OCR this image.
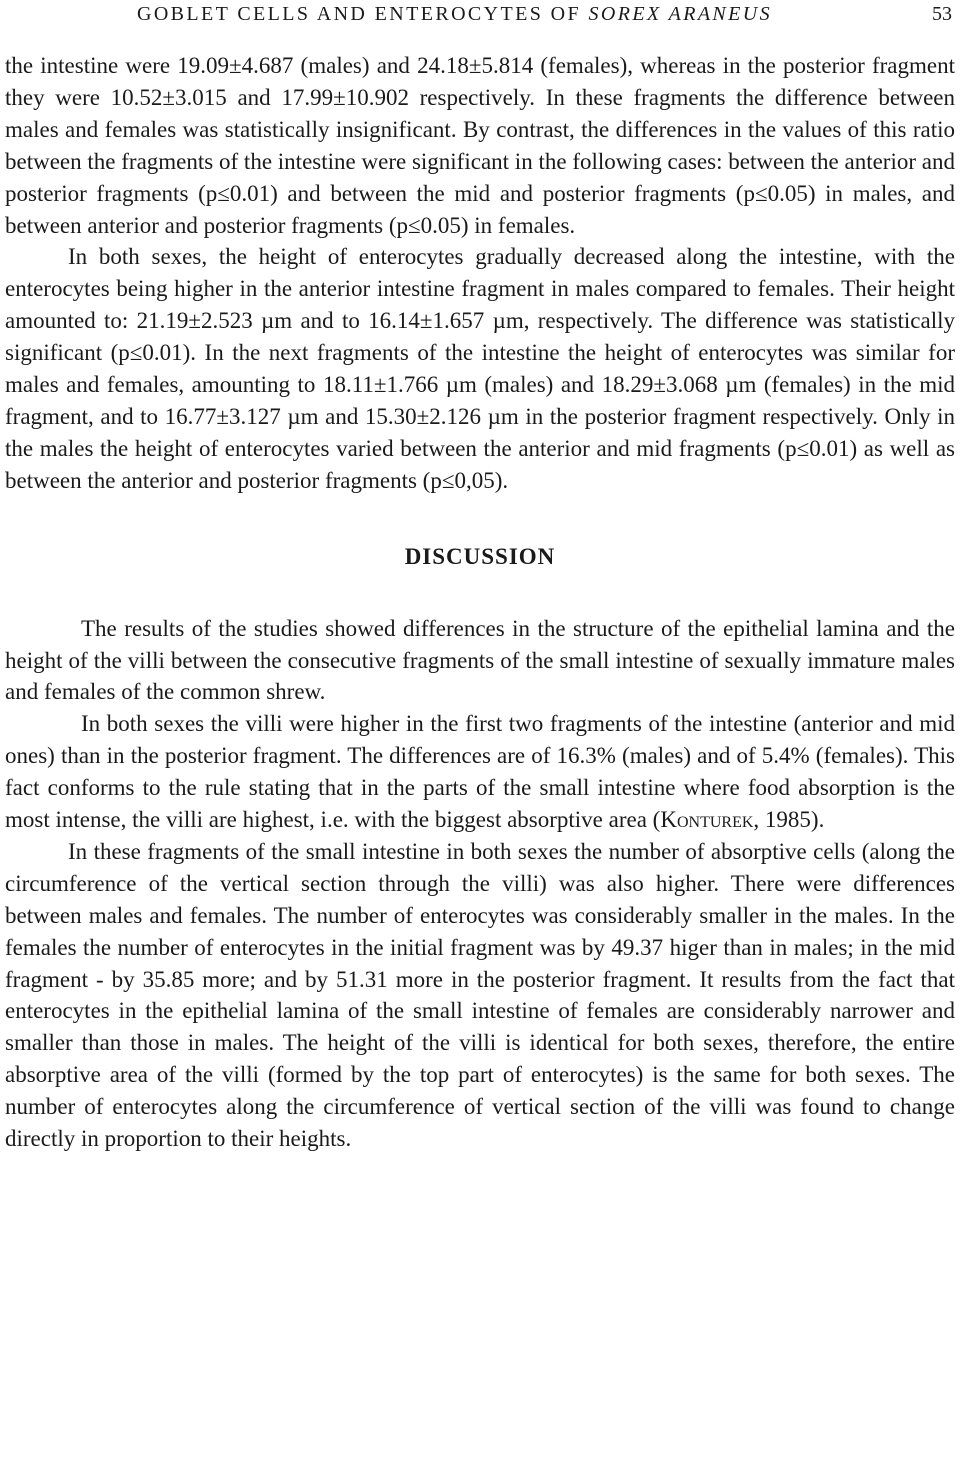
GOBLET CELLS AND ENTEROCYTES OF SOREX ARANEUS	53

the intestine were 19.09±4.687 (males) and 24.18±5.814 (females), whereas in the posterior fragment they were 10.52±3.015 and 17.99±10.902 respectively. In these fragments the difference between males and females was statistically insignificant. By contrast, the differences in the values of this ratio between the fragments of the intestine were significant in the following cases: between the anterior and posterior fragments (p≤0.01) and between the mid and posterior fragments (p≤0.05) in males, and between anterior and posterior fragments (p≤0.05) in females.

In both sexes, the height of enterocytes gradually decreased along the intestine, with the enterocytes being higher in the anterior intestine fragment in males compared to females. Their height amounted to: 21.19±2.523 µm and to 16.14±1.657 µm, respectively. The difference was statistically significant (p≤0.01). In the next fragments of the intestine the height of enterocytes was similar for males and females, amounting to 18.11±1.766 µm (males) and 18.29±3.068 µm (females) in the mid fragment, and to 16.77±3.127 µm and 15.30±2.126 µm in the posterior fragment respectively. Only in the males the height of enterocytes varied between the anterior and mid fragments (p≤0.01) as well as between the anterior and posterior fragments (p≤0,05).

DISCUSSION

The results of the studies showed differences in the structure of the epithelial lamina and the height of the villi between the consecutive fragments of the small intestine of sexually immature males and females of the common shrew.

In both sexes the villi were higher in the first two fragments of the intestine (anterior and mid ones) than in the posterior fragment. The differences are of 16.3% (males) and of 5.4% (females). This fact conforms to the rule stating that in the parts of the small intestine where food absorption is the most intense, the villi are highest, i.e. with the biggest absorptive area (Konturek, 1985).

In these fragments of the small intestine in both sexes the number of absorptive cells (along the circumference of the vertical section through the villi) was also higher. There were differences between males and females. The number of enterocytes was considerably smaller in the males. In the females the number of enterocytes in the initial fragment was by 49.37 higer than in males; in the mid fragment - by 35.85 more; and by 51.31 more in the posterior fragment. It results from the fact that enterocytes in the epithelial lamina of the small intestine of females are considerably narrower and smaller than those in males. The height of the villi is identical for both sexes, therefore, the entire absorptive area of the villi (formed by the top part of enterocytes) is the same for both sexes. The number of enterocytes along the circumference of vertical section of the villi was found to change directly in proportion to their heights.
